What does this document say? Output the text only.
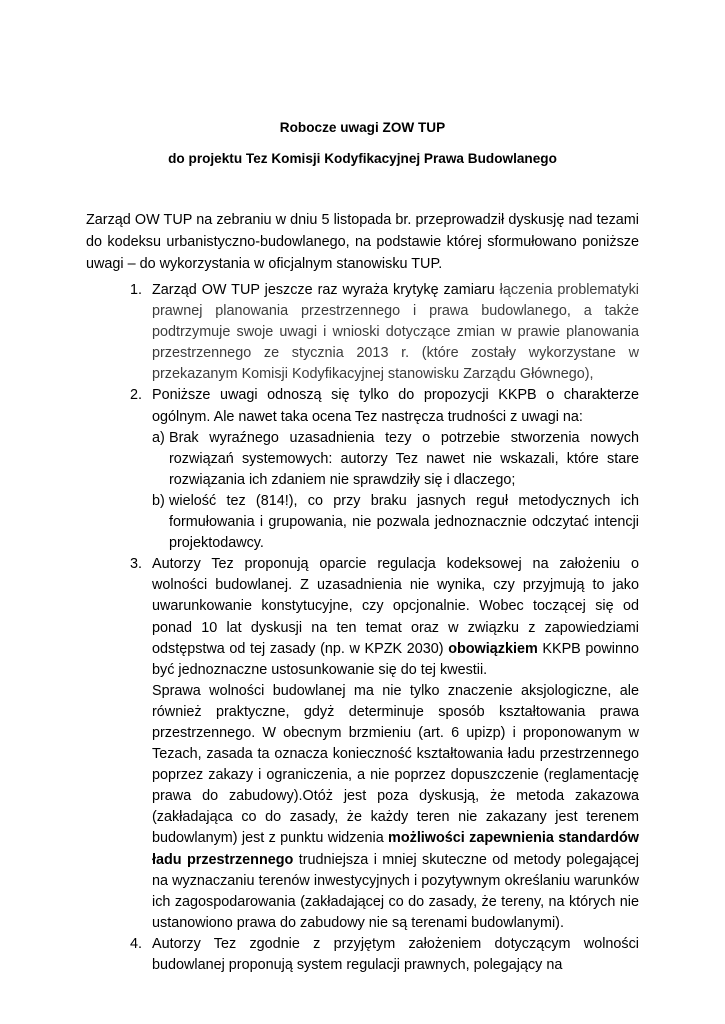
Robocze uwagi ZOW TUP
do projektu Tez Komisji Kodyfikacyjnej Prawa Budowlanego
Zarząd OW TUP na zebraniu w dniu 5 listopada br. przeprowadził dyskusję nad tezami do kodeksu urbanistyczno-budowlanego, na podstawie której sformułowano poniższe uwagi – do wykorzystania w oficjalnym stanowisku TUP.
1. Zarząd OW TUP jeszcze raz wyraża krytykę zamiaru łączenia problematyki prawnej planowania przestrzennego i prawa budowlanego, a także podtrzymuje swoje uwagi i wnioski dotyczące zmian w prawie planowania przestrzennego ze stycznia 2013 r. (które zostały wykorzystane w przekazanym Komisji Kodyfikacyjnej stanowisku Zarządu Głównego),
2. Poniższe uwagi odnoszą się tylko do propozycji KKPB o charakterze ogólnym. Ale nawet taka ocena Tez nastręcza trudności z uwagi na:
a) Brak wyraźnego uzasadnienia tezy o potrzebie stworzenia nowych rozwiązań systemowych: autorzy Tez nawet nie wskazali, które stare rozwiązania ich zdaniem nie sprawdziły się i dlaczego;
b) wielość tez (814!), co przy braku jasnych reguł metodycznych ich formułowania i grupowania, nie pozwala jednoznacznie odczytać intencji projektodawcy.
3. Autorzy Tez proponują oparcie regulacja kodeksowej na założeniu o wolności budowlanej. Z uzasadnienia nie wynika, czy przyjmują to jako uwarunkowanie konstytucyjne, czy opcjonalnie. Wobec toczącej się od ponad 10 lat dyskusji na ten temat oraz w związku z zapowiedziami odstępstwa od tej zasady (np. w KPZK 2030) obowiązkiem KKPB powinno być jednoznaczne ustosunkowanie się do tej kwestii.

Sprawa wolności budowlanej ma nie tylko znaczenie aksjologiczne, ale również praktyczne, gdyż determinuje sposób kształtowania prawa przestrzennego. W obecnym brzmieniu (art. 6 upizp) i proponowanym w Tezach, zasada ta oznacza konieczność kształtowania ładu przestrzennego poprzez zakazy i ograniczenia, a nie poprzez dopuszczenie (reglamentację prawa do zabudowy).Otóż jest poza dyskusją, że metoda zakazowa (zakładająca co do zasady, że każdy teren nie zakazany jest terenem budowlanym) jest z punktu widzenia możliwości zapewnienia standardów ładu przestrzennego trudniejsza i mniej skuteczne od metody polegającej na wyznaczaniu terenów inwestycyjnych i pozytywnym określaniu warunków ich zagospodarowania (zakładającej co do zasady, że tereny, na których nie ustanowiono prawa do zabudowy nie są terenami budowlanymi).

4. Autorzy Tez zgodnie z przyjętym założeniem dotyczącym wolności budowlanej proponują system regulacji prawnych, polegający na
